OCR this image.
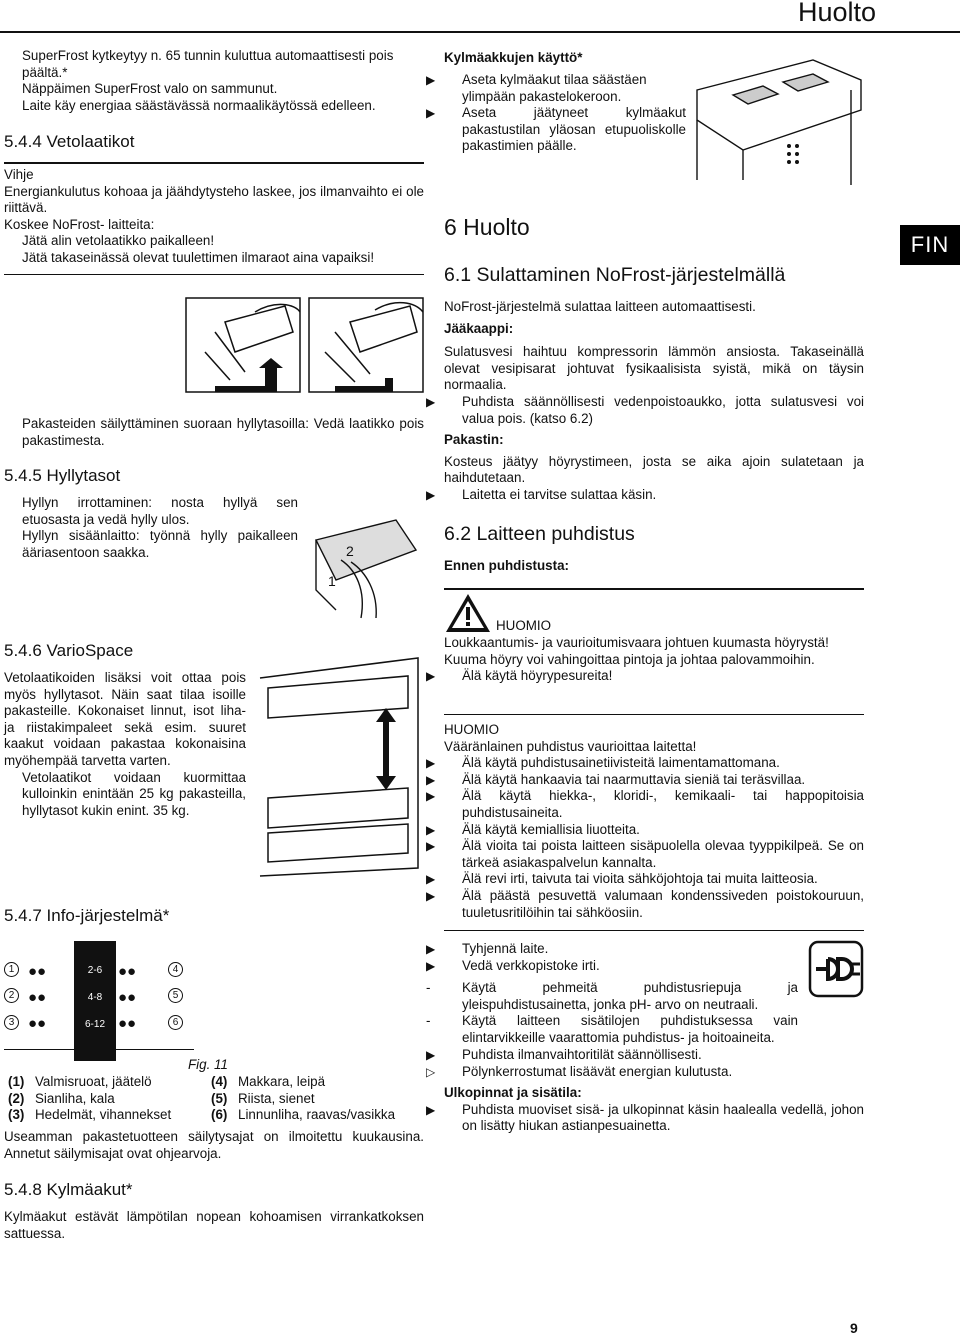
Huolto
FIN
▷ SuperFrost kytkeytyy n. 65 tunnin kuluttua automaattisesti pois päältä.*
▷ Näppäimen SuperFrost valo on sammunut.
▷ Laite käy energiaa säästävässä normaalikäytössä edelleen.
5.4.4 Vetolaatikot
Vihje
Energiankulutus kohoaa ja jäähdytysteho laskee, jos ilmanvaihto ei ole riittävä.
Koskee NoFrost- laitteita:
▶ Jätä alin vetolaatikko paikalleen!
▶ Jätä takaseinässä olevat tuulettimen ilmaraot aina vapaiksi!
▶ Pakasteiden säilyttäminen suoraan hyllytasoilla: Vedä laatikko pois pakastimesta.
5.4.5 Hyllytasot
▶ Hyllyn irrottaminen: nosta hyllyä sen etuosasta ja vedä hylly ulos.
▶ Hyllyn sisäänlaitto: työnnä hylly paikalleen ääriasentoon saakka.	2
1
5.4.6 VarioSpace
Vetolaatikoiden lisäksi voit ottaa pois myös hyllytasot. Näin saat tilaa isoille pakasteille. Kokonaiset linnut, isot liha- ja riistakimpaleet sekä esim. suuret kaakut voidaan pakastaa kokonaisina myöhempää tarvetta varten.
▶ Vetolaatikot voidaan kuormittaa kulloinkin enintään 25 kg pakasteilla, hyllytasot kukin enint. 35 kg.
5.4.7 Info-järjestelmä*
1
2
3
4
5
6
●●
●●
●●
●●
●●
●●
2-6
4-8
6-12
Fig. 11
(1)	Valmisruoat, jäätelö	(4)	Makkara, leipä
(2)	Sianliha, kala	(5)	Riista, sienet
(3)	Hedelmät, vihannekset	(6)	Linnunliha, raavas/vasikka
Useamman pakastetuotteen säilytysajat on ilmoitettu kuukausina. Annetut säilymisajat ovat ohjearvoja.
5.4.8 Kylmäakut*
Kylmäakut estävät lämpötilan nopean kohoamisen virrankatkoksen sattuessa.
Kylmäakkujen käyttö*
▶ Aseta kylmäakut tilaa säästäen ylimpään pakastelokeroon.
▶ Aseta jäätyneet kylmäakut pakastustilan yläosan etupuoliskolle pakastimien päälle.
6 Huolto
6.1 Sulattaminen NoFrost-järjestelmällä
NoFrost-järjestelmä sulattaa laitteen automaattisesti.
Jääkaappi:
Sulatusvesi haihtuu kompressorin lämmön ansiosta. Takaseinällä olevat vesipisarat johtuvat fysikaalisista syistä, mikä on täysin normaalia.
▶ Puhdista säännöllisesti vedenpoistoaukko, jotta sulatusvesi voi valua pois. (katso 6.2)
Pakastin:
Kosteus jäätyy höyrystimeen, josta se aika ajoin sulatetaan ja haihdutetaan.
▶ Laitetta ei tarvitse sulattaa käsin.
6.2 Laitteen puhdistus
Ennen puhdistusta:
HUOMIO
Loukkaantumis- ja vaurioitumisvaara johtuen kuumasta höyrystä!
Kuuma höyry voi vahingoittaa pintoja ja johtaa palovammoihin.
▶ Älä käytä höyrypesureita!
HUOMIO
Vääränlainen puhdistus vaurioittaa laitetta!
▶ Älä käytä puhdistusainetiivisteitä laimentamattomana.
▶ Älä käytä hankaavia tai naarmuttavia sieniä tai teräsvillaa.
▶ Älä käytä hiekka-, kloridi-, kemikaali- tai happopitoisia puhdistusaineita.
▶ Älä käytä kemiallisia liuotteita.
▶ Älä vioita tai poista laitteen sisäpuolella olevaa tyyppikilpeä. Se on tärkeä asiakaspalvelun kannalta.
▶ Älä revi irti, taivuta tai vioita sähköjohtoja tai muita laitteosia.
▶ Älä päästä pesuvettä valumaan kondenssiveden poistokouruun, tuuletusritilöihin tai sähköosiin.
▶ Tyhjennä laite.
▶ Vedä verkkopistoke irti.
- Käytä pehmeitä puhdistusriepuja ja yleispuhdistusainetta, jonka pH- arvo on neutraali.
- Käytä laitteen sisätilojen puhdistuksessa vain elintarvikkeille vaarattomia puhdistus- ja hoitoaineita.
▶ Puhdista ilmanvaihtoritilät säännöllisesti.
▷ Pölynkerrostumat lisäävät energian kulutusta.
Ulkopinnat ja sisätila:
▶ Puhdista muoviset sisä- ja ulkopinnat käsin haalealla vedellä, johon on lisätty hiukan astianpesuainetta.
9
